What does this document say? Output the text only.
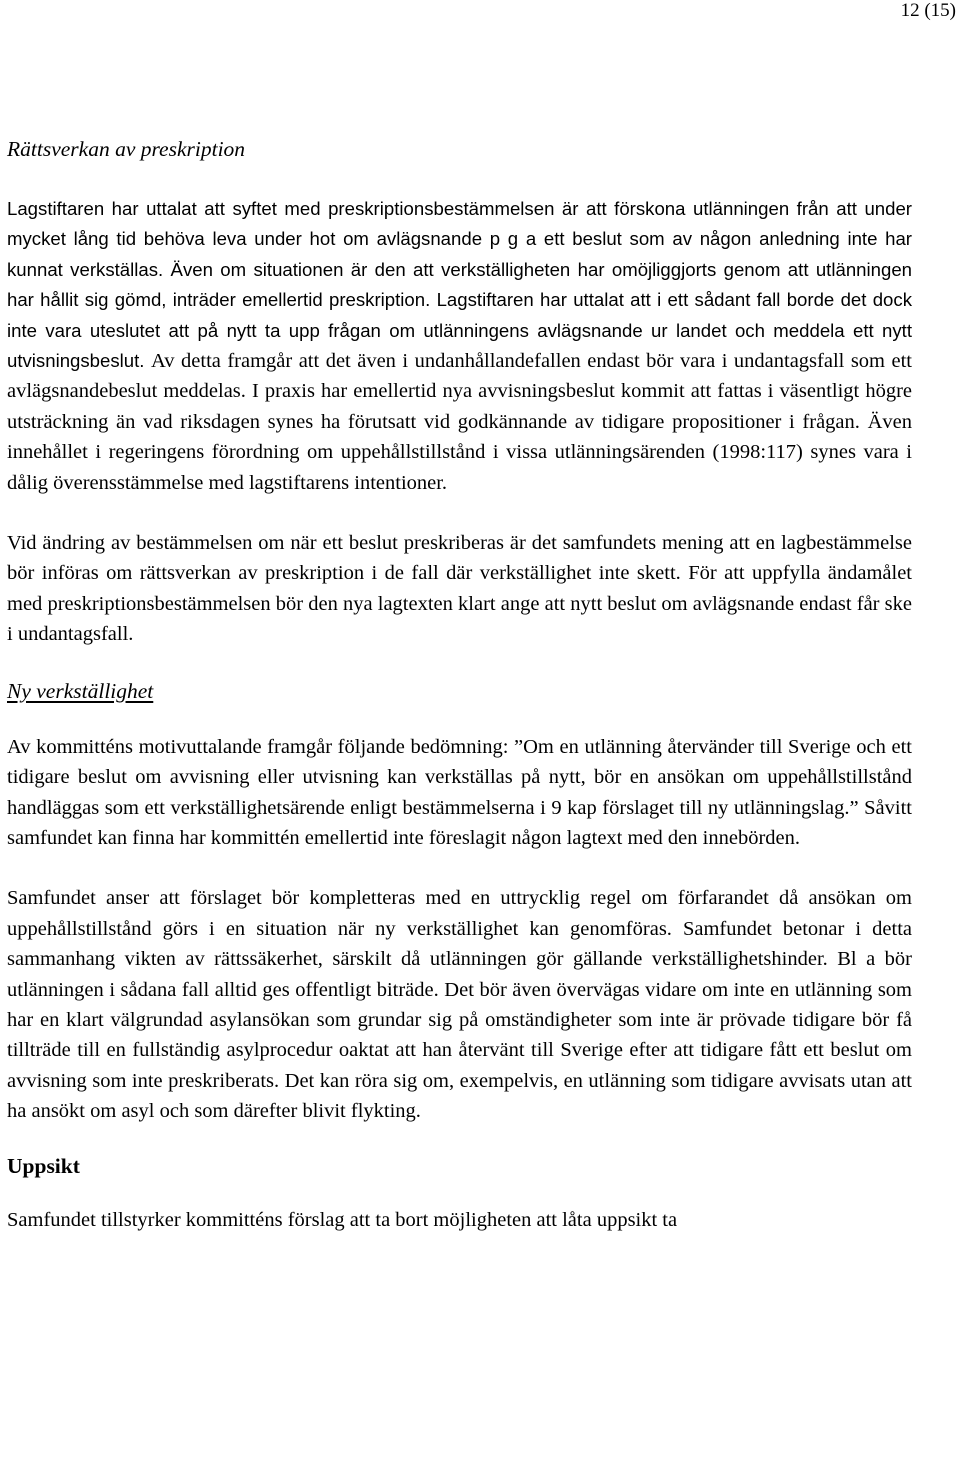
12 (15)
Rättsverkan av preskription

Lagstiftaren har uttalat att syftet med preskriptionsbestämmelsen är att förskona utlänningen från att under mycket lång tid behöva leva under hot om avlägsnande p g a ett beslut som av någon anledning inte har kunnat verkställas. Även om situationen är den att verkställigheten har omöjliggjorts genom att utlänningen har hållit sig gömd, inträder emellertid preskription. Lagstiftaren har uttalat att i ett sådant fall borde det dock inte vara uteslutet att på nytt ta upp frågan om utlänningens avlägsnande ur landet och meddela ett nytt utvisningsbeslut. Av detta framgår att det även i undanhållandefallen endast bör vara i undantagsfall som ett avlägsnandebeslut meddelas. I praxis har emellertid nya avvisningsbeslut kommit att fattas i väsentligt högre utsträckning än vad riksdagen synes ha förutsatt vid godkännande av tidigare propositioner i frågan. Även innehållet i regeringens förordning om uppehållstillstånd i vissa utlänningsärenden (1998:117) synes vara i dålig överensstämmelse med lagstiftarens intentioner.

Vid ändring av bestämmelsen om när ett beslut preskriberas är det samfundets mening att en lagbestämmelse bör införas om rättsverkan av preskription i de fall där verkställighet inte skett. För att uppfylla ändamålet med preskriptionsbestämmelsen bör den nya lagtexten klart ange att nytt beslut om avlägsnande endast får ske i undantagsfall.

Ny verkställighet

Av kommitténs motivuttalande framgår följande bedömning: ”Om en utlänning återvänder till Sverige och ett tidigare beslut om avvisning eller utvisning kan verkställas på nytt, bör en ansökan om uppehållstillstånd handläggas som ett verkställighetsärende enligt bestämmelserna i 9 kap förslaget till ny utlänningslag.” Såvitt samfundet kan finna har kommittén emellertid inte föreslagit någon lagtext med den innebörden.

Samfundet anser att förslaget bör kompletteras med en uttrycklig regel om förfarandet då ansökan om uppehållstillstånd görs i en situation när ny verkställighet kan genomföras. Samfundet betonar i detta sammanhang vikten av rättssäkerhet, särskilt då utlänningen gör gällande verkställighetshinder. Bl a bör utlänningen i sådana fall alltid ges offentligt biträde. Det bör även övervägas vidare om inte en utlänning som har en klart välgrundad asylansökan som grundar sig på omständigheter som inte är prövade tidigare bör få tillträde till en fullständig asylprocedur oaktat att han återvänt till Sverige efter att tidigare fått ett beslut om avvisning som inte preskriberats. Det kan röra sig om, exempelvis, en utlänning som tidigare avvisats utan att ha ansökt om asyl och som därefter blivit flykting.

Uppsikt

Samfundet tillstyrker kommitténs förslag att ta bort möjligheten att låta uppsikt ta
